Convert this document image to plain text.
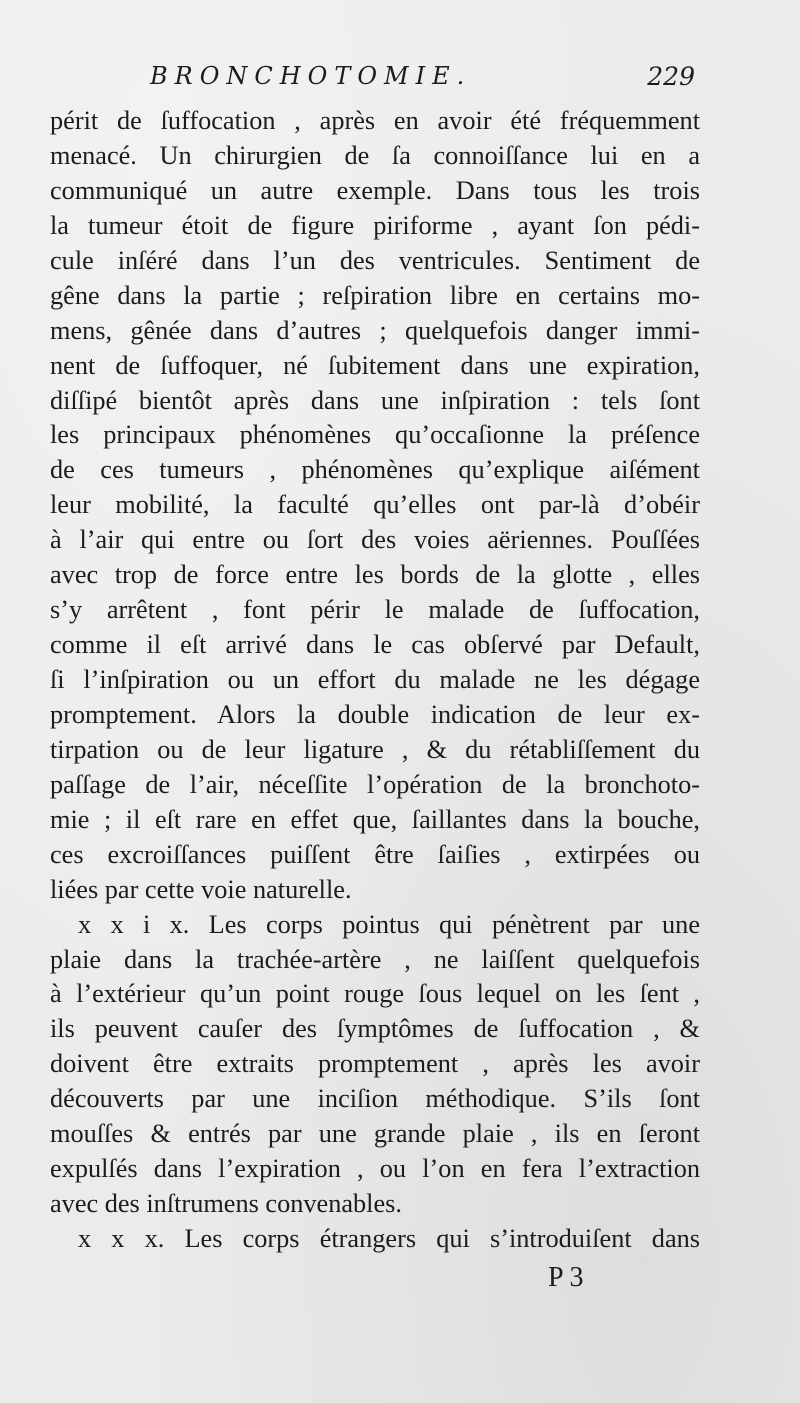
BRONCHOTOMIE.	229
périt de ſuffocation , après en avoir été fréquemment
menacé. Un chirurgien de ſa connoiſſance lui en a
communiqué un autre exemple. Dans tous les trois
la tumeur étoit de figure piriforme , ayant ſon pédi-
cule inſéré dans l’un des ventricules. Sentiment de
gêne dans la partie ; reſpiration libre en certains mo-
mens, gênée dans d’autres ; quelquefois danger immi-
nent de ſuffoquer, né ſubitement dans une expiration,
diſſipé bientôt après dans une inſpiration : tels ſont
les principaux phénomènes qu’occaſionne la préſence
de ces tumeurs , phénomènes qu’explique aiſément
leur mobilité, la faculté qu’elles ont par-là d’obéir
à l’air qui entre ou ſort des voies aëriennes. Pouſſées
avec trop de force entre les bords de la glotte , elles
s’y arrêtent , font périr le malade de ſuffocation,
comme il eſt arrivé dans le cas obſervé par Default,
ſi l’inſpiration ou un effort du malade ne les dégage
promptement. Alors la double indication de leur ex-
tirpation ou de leur ligature , & du rétabliſſement du
paſſage de l’air, néceſſite l’opération de la bronchoto-
mie ; il eſt rare en effet que, ſaillantes dans la bouche,
ces excroiſſances puiſſent être ſaiſies , extirpées ou
liées par cette voie naturelle.
x x i x. Les corps pointus qui pénètrent par une
plaie dans la trachée-artère , ne laiſſent quelquefois
à l’extérieur qu’un point rouge ſous lequel on les ſent ,
ils peuvent cauſer des ſymptômes de ſuffocation , &
doivent être extraits promptement , après les avoir
découverts par une inciſion méthodique. S’ils ſont
mouſſes & entrés par une grande plaie , ils en ſeront
expulſés dans l’expiration , ou l’on en fera l’extraction
avec des inſtrumens convenables.
x x x. Les corps étrangers qui s’introduiſent dans
P 3
